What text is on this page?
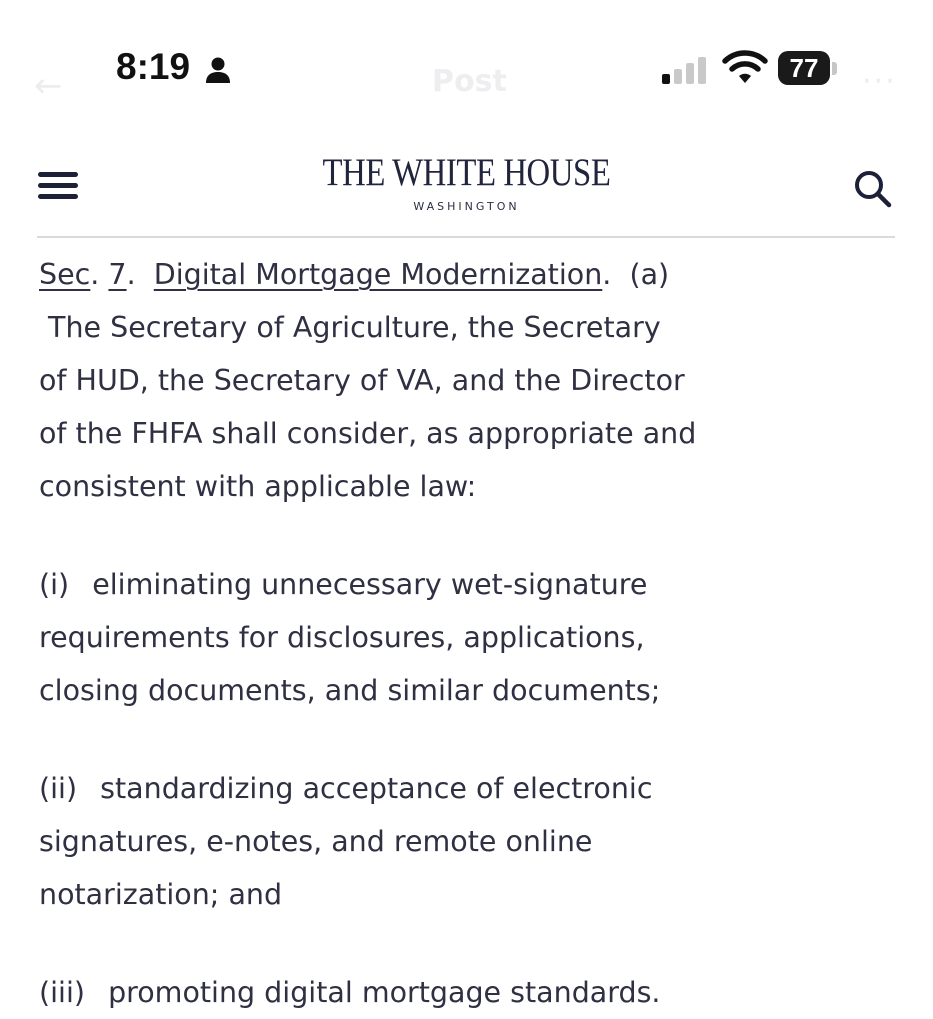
←	Post	···
8:19	77
THE WHITE HOUSE
WASHINGTON

Sec. 7. Digital Mortgage Modernization. (a)
The Secretary of Agriculture, the Secretary
of HUD, the Secretary of VA, and the Director
of the FHFA shall consider, as appropriate and
consistent with applicable law:

(i) eliminating unnecessary wet-signature
requirements for disclosures, applications,
closing documents, and similar documents;

(ii) standardizing acceptance of electronic
signatures, e-notes, and remote online
notarization; and

(iii) promoting digital mortgage standards.
